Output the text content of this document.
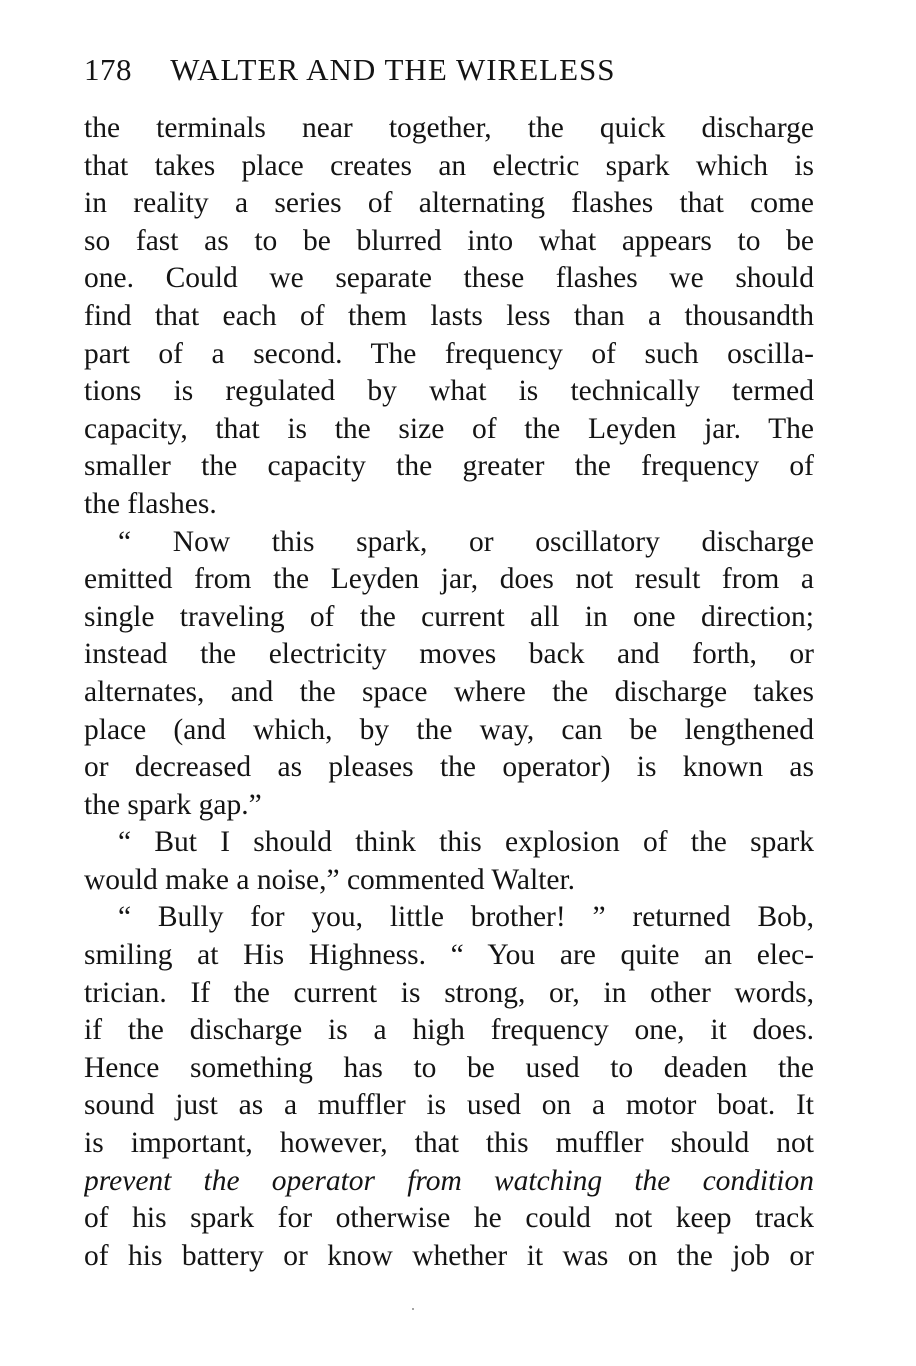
178 WALTER AND THE WIRELESS
the terminals near together, the quick discharge
that takes place creates an electric spark which is
in reality a series of alternating flashes that come
so fast as to be blurred into what appears to be
one. Could we separate these flashes we should
find that each of them lasts less than a thousandth
part of a second. The frequency of such oscilla-
tions is regulated by what is technically termed
capacity, that is the size of the Leyden jar. The
smaller the capacity the greater the frequency of
the flashes.
“ Now this spark, or oscillatory discharge
emitted from the Leyden jar, does not result from a
single traveling of the current all in one direction;
instead the electricity moves back and forth, or
alternates, and the space where the discharge takes
place (and which, by the way, can be lengthened
or decreased as pleases the operator) is known as
the spark gap.”
“ But I should think this explosion of the spark
would make a noise,” commented Walter.
“ Bully for you, little brother! ” returned Bob,
smiling at His Highness. “ You are quite an elec-
trician. If the current is strong, or, in other words,
if the discharge is a high frequency one, it does.
Hence something has to be used to deaden the
sound just as a muffler is used on a motor boat. It
is important, however, that this muffler should not
prevent the operator from watching the condition
of his spark for otherwise he could not keep track
of his battery or know whether it was on the job or
